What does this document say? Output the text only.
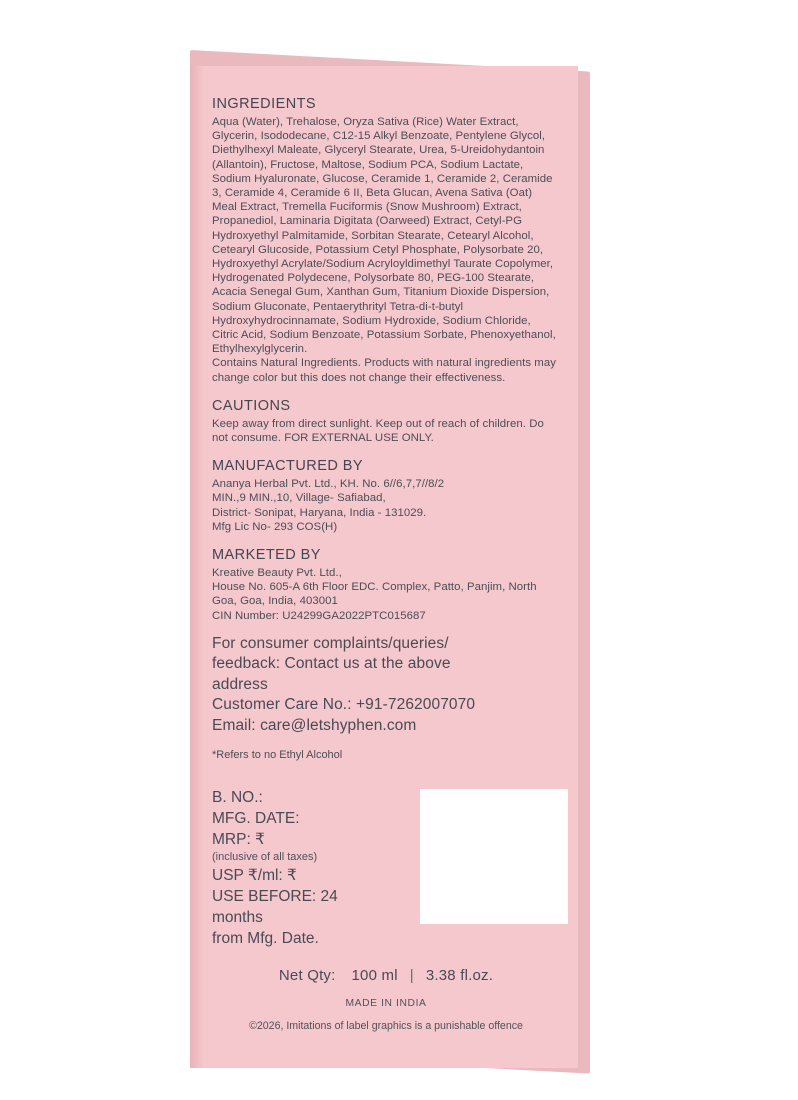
INGREDIENTS

Aqua (Water), Trehalose, Oryza Sativa (Rice) Water Extract, Glycerin, Isododecane, C12-15 Alkyl Benzoate, Pentylene Glycol, Diethylhexyl Maleate, Glyceryl Stearate, Urea, 5-Ureidohydantoin (Allantoin), Fructose, Maltose, Sodium PCA, Sodium Lactate, Sodium Hyaluronate, Glucose, Ceramide 1, Ceramide 2, Ceramide 3, Ceramide 4, Ceramide 6 II, Beta Glucan, Avena Sativa (Oat) Meal Extract, Tremella Fuciformis (Snow Mushroom) Extract, Propanediol, Laminaria Digitata (Oarweed) Extract, Cetyl-PG Hydroxyethyl Palmitamide, Sorbitan Stearate, Cetearyl Alcohol, Cetearyl Glucoside, Potassium Cetyl Phosphate, Polysorbate 20, Hydroxyethyl Acrylate/Sodium Acryloyldimethyl Taurate Copolymer, Hydrogenated Polydecene, Polysorbate 80, PEG-100 Stearate, Acacia Senegal Gum, Xanthan Gum, Titanium Dioxide Dispersion, Sodium Gluconate, Pentaerythrityl Tetra-di-t-butyl Hydroxyhydrocinnamate, Sodium Hydroxide, Sodium Chloride, Citric Acid, Sodium Benzoate, Potassium Sorbate, Phenoxyethanol, Ethylhexylglycerin.

Contains Natural Ingredients. Products with natural ingredients may change color but this does not change their effectiveness.

CAUTIONS

Keep away from direct sunlight. Keep out of reach of children. Do not consume. FOR EXTERNAL USE ONLY.

MANUFACTURED BY

Ananya Herbal Pvt. Ltd., KH. No. 6//6,7,7//8/2

MIN.,9 MIN.,10, Village- Safiabad,

District- Sonipat, Haryana, India - 131029.

Mfg Lic No- 293 COS(H)

MARKETED BY

Kreative Beauty Pvt. Ltd.,

House No. 605-A 6th Floor EDC. Complex, Patto, Panjim, North

Goa, Goa, India, 403001

CIN Number: U24299GA2022PTC015687

For consumer complaints/queries/

feedback: Contact us at the above

address

Customer Care No.: +91-7262007070

Email: care@letshyphen.com

*Refers to no Ethyl Alcohol

B. NO.:

MFG. DATE:

MRP: ₹

(inclusive of all taxes)

USP ₹/ml: ₹

USE BEFORE: 24

months

from Mfg. Date.

Net Qty: 100 ml | 3.38 fl.oz.
MADE IN INDIA
©2026, Imitations of label graphics is a punishable offence
